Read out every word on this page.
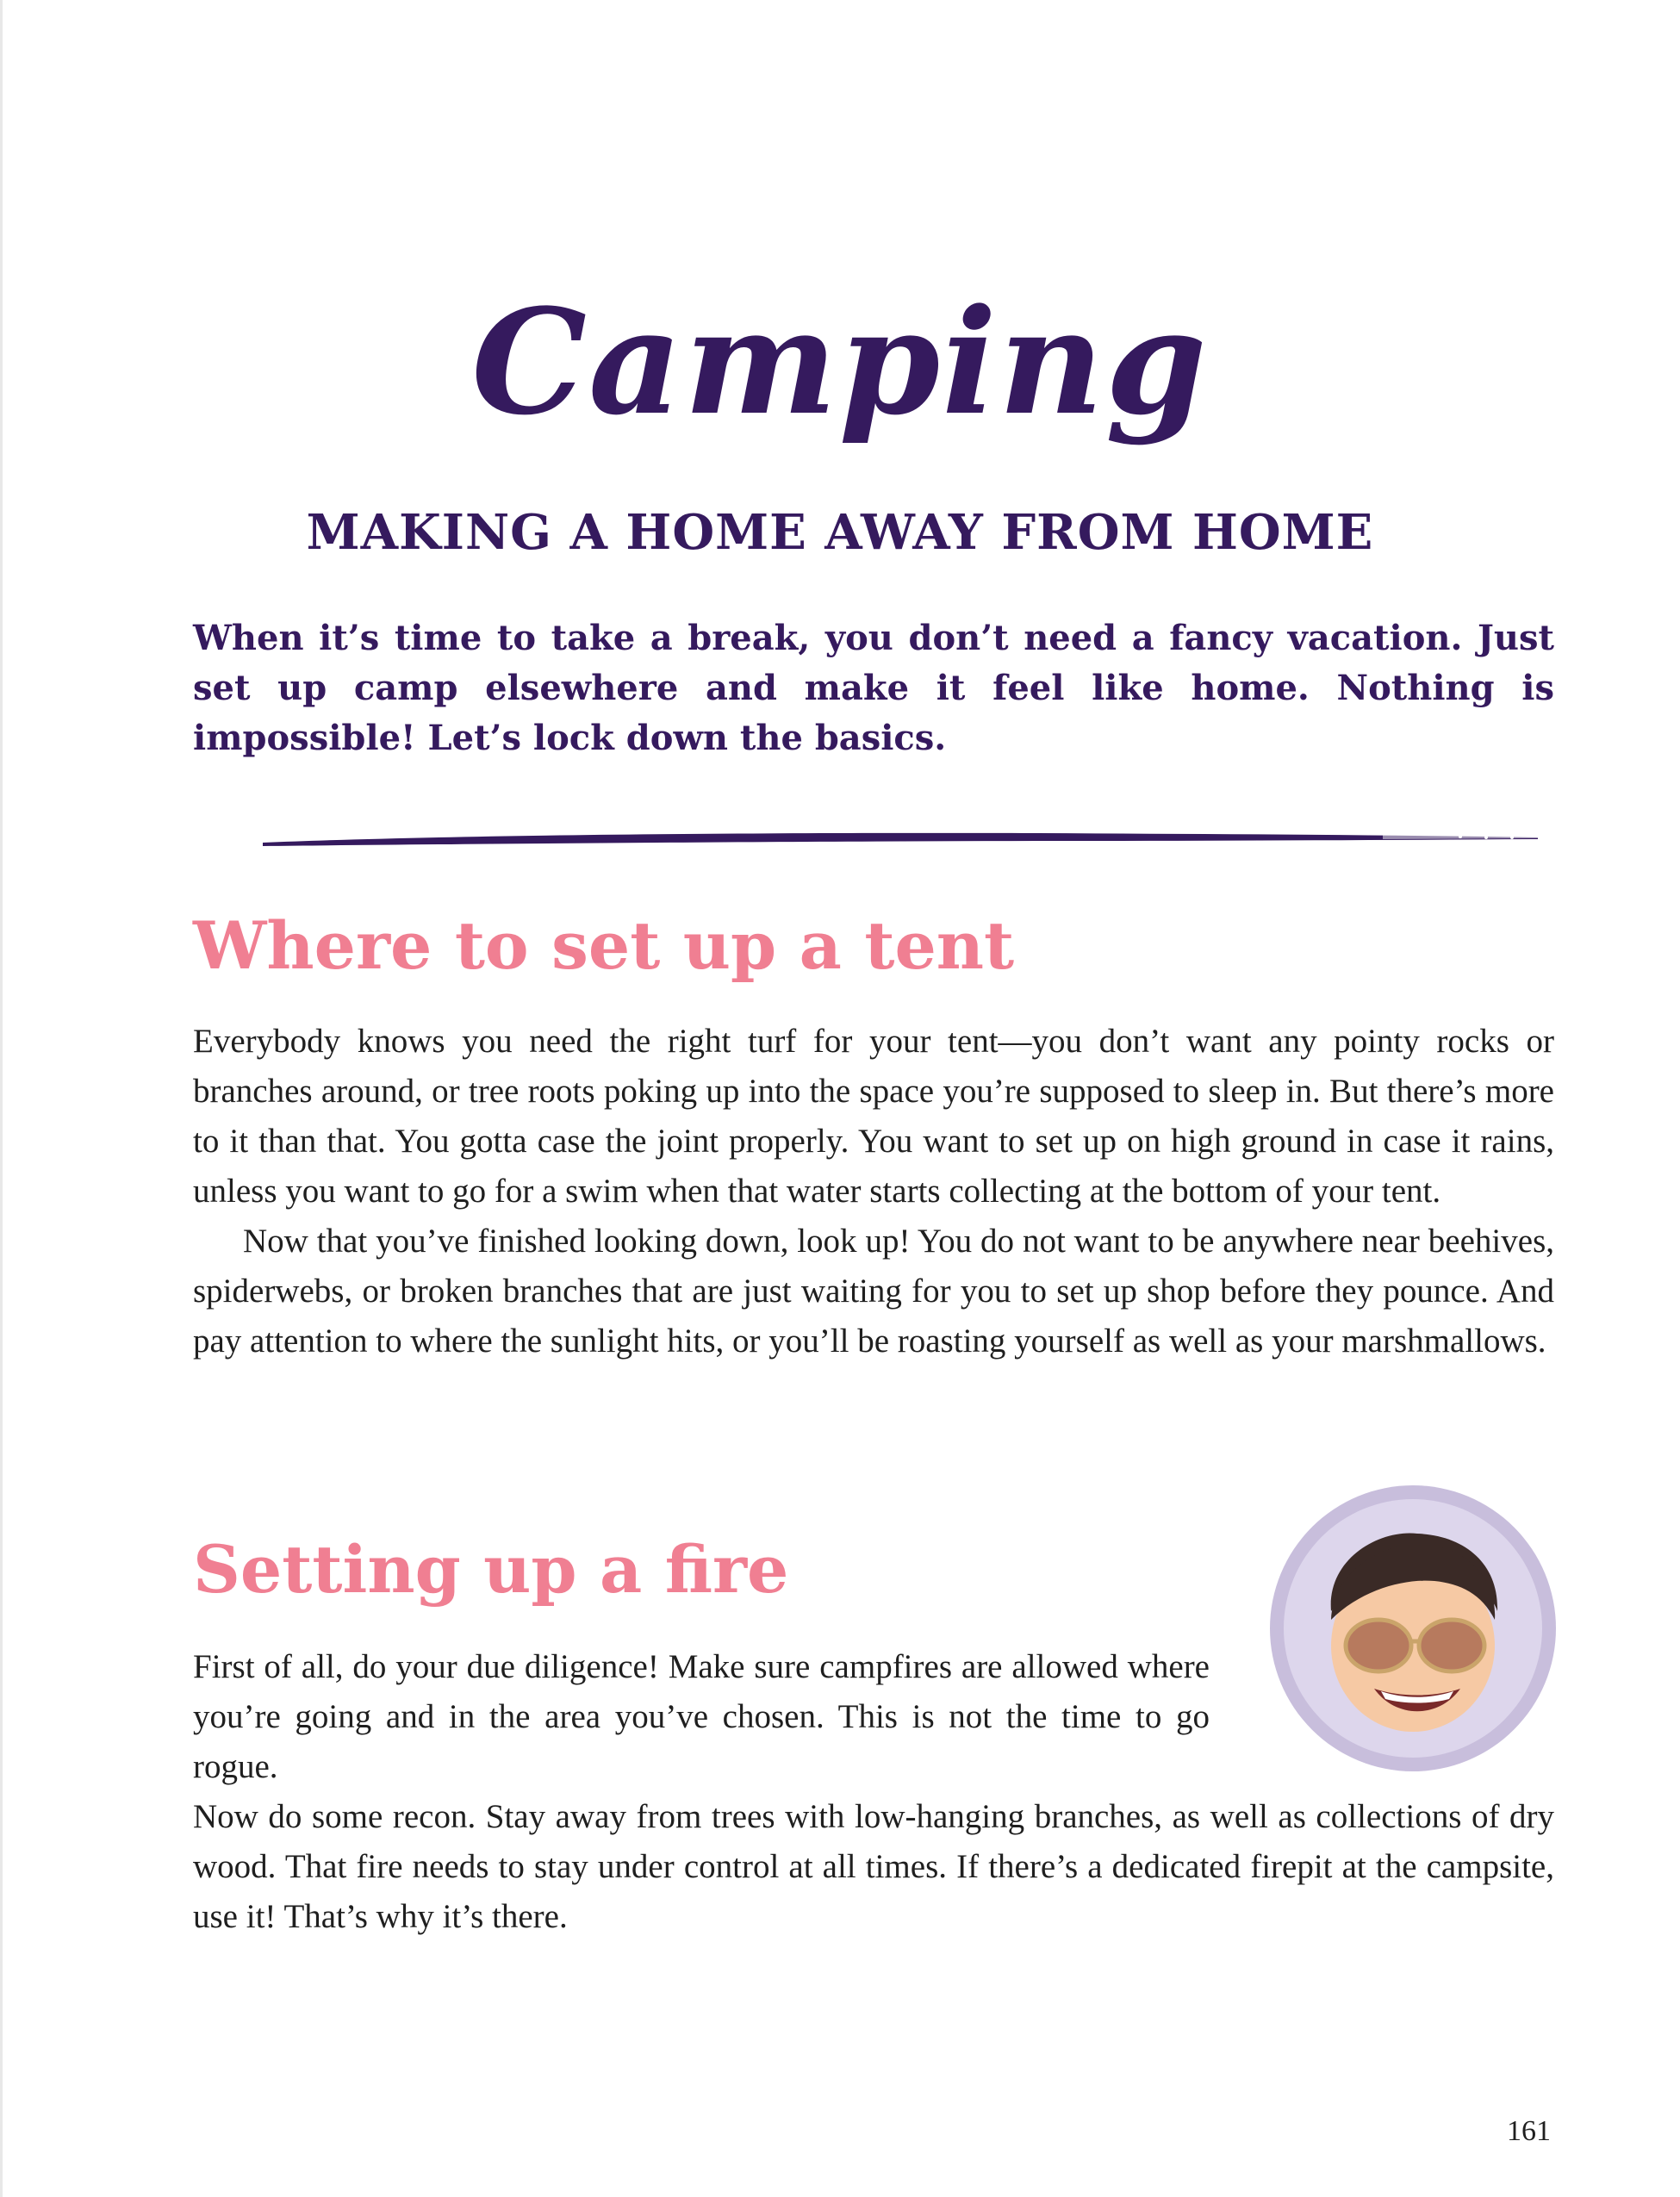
Camping
MAKING A HOME AWAY FROM HOME

When it’s time to take a break, you don’t need a fancy vacation. Just set up camp elsewhere and make it feel like home. Nothing is impossible! Let’s lock down the basics.

Where to set up a tent

Everybody knows you need the right turf for your tent—you don’t want any pointy rocks or branches around, or tree roots poking up into the space you’re supposed to sleep in. But there’s more to it than that. You gotta case the joint properly. You want to set up on high ground in case it rains, unless you want to go for a swim when that water starts collecting at the bottom of your tent.

Now that you’ve finished looking down, look up! You do not want to be anywhere near beehives, spiderwebs, or broken branches that are just waiting for you to set up shop before they pounce. And pay attention to where the sunlight hits, or you’ll be roasting yourself as well as your marshmallows.

Setting up a fire

First of all, do your due diligence! Make sure campfires are allowed where you’re going and in the area you’ve chosen. This is not the time to go rogue.

Now do some recon. Stay away from trees with low-hanging branches, as well as collections of dry wood. That fire needs to stay under control at all times. If there’s a dedicated firepit at the campsite, use it! That’s why it’s there.

161
